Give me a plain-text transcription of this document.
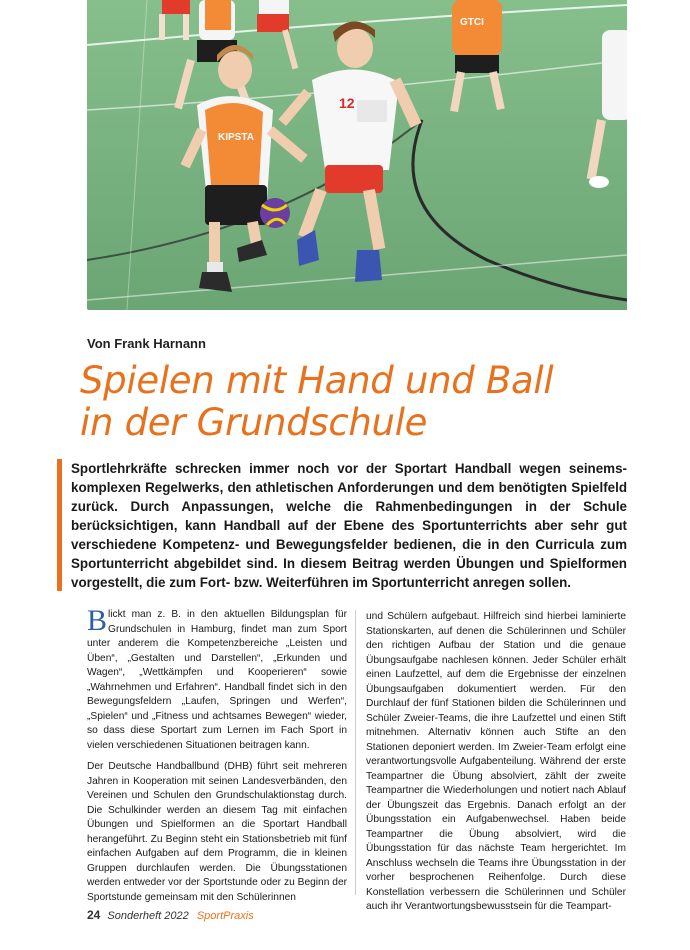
GTCI
KIPSTA
12
Von Frank Harnann
Spielen mit Hand und Ball
in der Grundschule

Sportlehrkräfte schrecken immer noch vor der Sportart Handball wegen seinems-komplexen Regelwerks, den athletischen Anforderungen und dem benötigten Spielfeld zurück. Durch Anpassungen, welche die Rahmenbedingungen in der Schule berücksichtigen, kann Handball auf der Ebene des Sportunterrichts aber sehr gut verschiedene Kompetenz- und Bewegungsfelder bedienen, die in den Curricula zum Sportunterricht abgebildet sind. In diesem Beitrag werden Übungen und Spielformen vorgestellt, die zum Fort- bzw. Weiterführen im Sportunterricht anregen sollen.

Blickt man z. B. in den aktuellen Bildungsplan für Grundschulen in Hamburg, findet man zum Sport unter anderem die Kompetenzbereiche „Leisten und Üben“, „Gestalten und Darstellen“, „Erkunden und Wagen“, „Wettkämpfen und Kooperieren“ sowie „Wahrnehmen und Erfahren“. Handball findet sich in den Bewegungsfeldern „Laufen, Springen und Werfen“, „Spielen“ und „Fitness und achtsames Bewegen“ wieder, so dass diese Sportart zum Lernen im Fach Sport in vielen verschiedenen Situationen beitragen kann.

Der Deutsche Handballbund (DHB) führt seit mehreren Jahren in Kooperation mit seinen Landesverbänden, den Vereinen und Schulen den Grundschulaktionstag durch. Die Schulkinder werden an diesem Tag mit einfachen Übungen und Spielformen an die Sportart Handball herangeführt. Zu Beginn steht ein Stationsbetrieb mit fünf einfachen Aufgaben auf dem Programm, die in kleinen Gruppen durchlaufen werden. Die Übungsstationen werden entweder vor der Sportstunde oder zu Beginn der Sportstunde gemeinsam mit den Schülerinnen

und Schülern aufgebaut. Hilfreich sind hierbei laminierte Stationskarten, auf denen die Schülerinnen und Schüler den richtigen Aufbau der Station und die genaue Übungsaufgabe nachlesen können. Jeder Schüler erhält einen Laufzettel, auf dem die Ergebnisse der einzelnen Übungsaufgaben dokumentiert werden. Für den Durchlauf der fünf Stationen bilden die Schülerinnen und Schüler Zweier-Teams, die ihre Laufzettel und einen Stift mitnehmen. Alternativ können auch Stifte an den Stationen deponiert werden. Im Zweier-Team erfolgt eine verantwortungsvolle Aufgabenteilung. Während der erste Teampartner die Übung absolviert, zählt der zweite Teampartner die Wiederholungen und notiert nach Ablauf der Übungszeit das Ergebnis. Danach erfolgt an der Übungsstation ein Aufgabenwechsel. Haben beide Teampartner die Übung absolviert, wird die Übungsstation für das nächste Team hergerichtet. Im Anschluss wechseln die Teams ihre Übungsstation in der vorher besprochenen Reihenfolge. Durch diese Konstellation verbessern die Schülerinnen und Schüler auch ihr Verantwortungsbewusstsein für die Teampart-

24 Sonderheft 2022 SportPraxis
